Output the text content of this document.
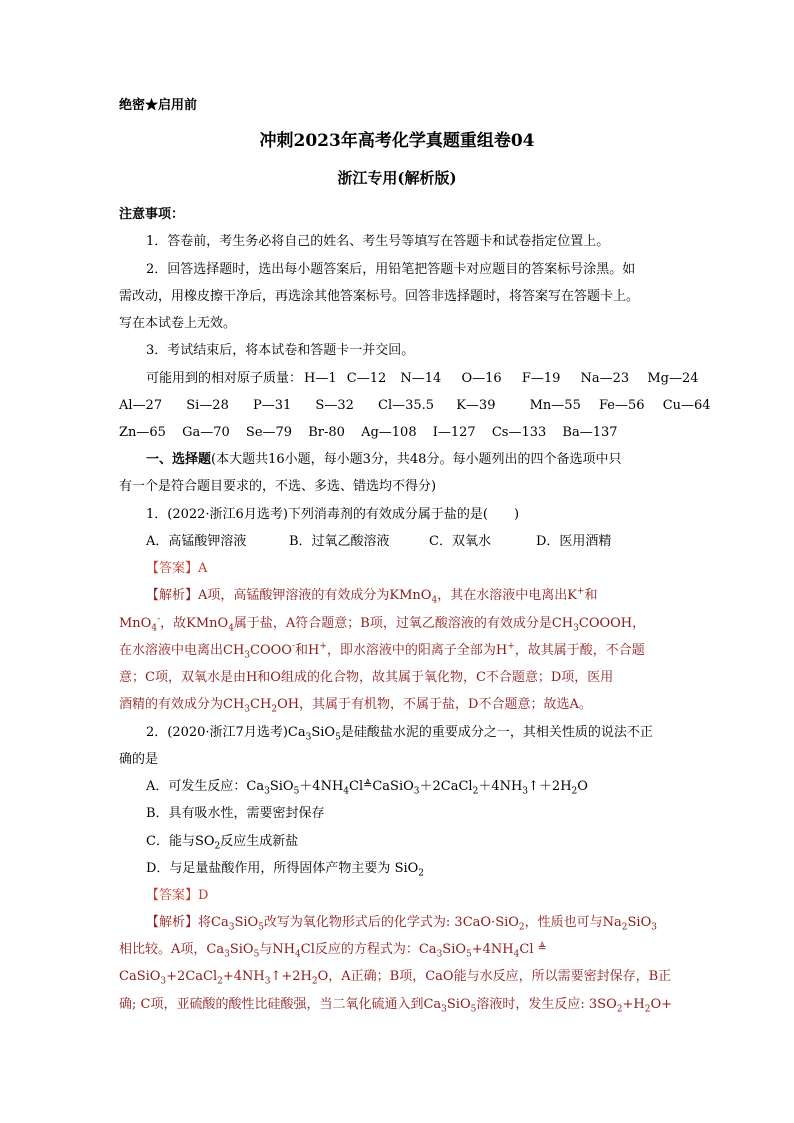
绝密★启用前
冲刺2023年高考化学真题重组卷04
浙江专用(解析版)
注意事项：
1．答卷前，考生务必将自己的姓名、考生号等填写在答题卡和试卷指定位置上。
2．回答选择题时，选出每小题答案后，用铅笔把答题卡对应题目的答案标号涂黑。如
需改动，用橡皮擦干净后，再选涂其他答案标号。回答非选择题时，将答案写在答题卡上。
写在本试卷上无效。
3．考试结束后，将本试卷和答题卡一并交回。
可能用到的相对原子质量： H—1 C—12 N—14 O—16 F—19 Na—23 Mg—24
Al—27 Si—28 P—31 S—32 Cl—35.5 K—39	Mn—55 Fe—56 Cu—64
Zn—65 Ga—70 Se—79 Br-80 Ag—108 I—127 Cs—133 Ba—137
一、选择题(本大题共16小题，每小题3分，共48分。每小题列出的四个备选项中只
有一个是符合题目要求的，不选、多选、错选均不得分)
1．(2022·浙江6月选考)下列消毒剂的有效成分属于盐的是(　　)
A．高锰酸钾溶液	B．过氧乙酸溶液	C．双氧水	D．医用酒精
【答案】A
【解析】A项，高锰酸钾溶液的有效成分为KMnO$_4$，其在水溶液中电离出K+和
MnO$_4$-，故KMnO$_4$属于盐，A符合题意；B项，过氧乙酸溶液的有效成分是$CH_3COOOH$，
在水溶液中电离出$CH_3COOO^-$和H+，即水溶液中的阳离子全部为H+，故其属于酸，不合题
意；C项，双氧水是由H和O组成的化合物，故其属于氧化物，C不合题意；D项，医用
酒精的有效成分为$CH_3CH_2OH$，其属于有机物，不属于盐，D不合题意；故选A。
2．(2020·浙江7月选考)$Ca_3SiO_5$是硅酸盐水泥的重要成分之一，其相关性质的说法不正
确的是
A．可发生反应：$Ca_3SiO_5+4NH_4Cl≜CaSiO_3+2CaCl_2+4NH_3↑+2H_2O$
B．具有吸水性，需要密封保存
C．能与$SO_2$反应生成新盐
D．与足量盐酸作用，所得固体产物主要为 SiO$_2$
【答案】D
【解析】将$Ca_3SiO_5$改写为氧化物形式后的化学式为: 3CaO·SiO$_2$，性质也可与$Na_2SiO_3$
相比较。A项，$Ca_3SiO_5$与$NH_4Cl$反应的方程式为：$Ca_3SiO_5+4NH_4Cl$ ≜
$CaSiO_3+2CaCl_2+4NH_3↑+2H_2O$，A正确；B项，CaO能与水反应，所以需要密封保存，B正
确; C项，亚硫酸的酸性比硅酸强，当二氧化硫通入到$Ca_3SiO_5$溶液时，发生反应: $3SO_2+H_2O+$
